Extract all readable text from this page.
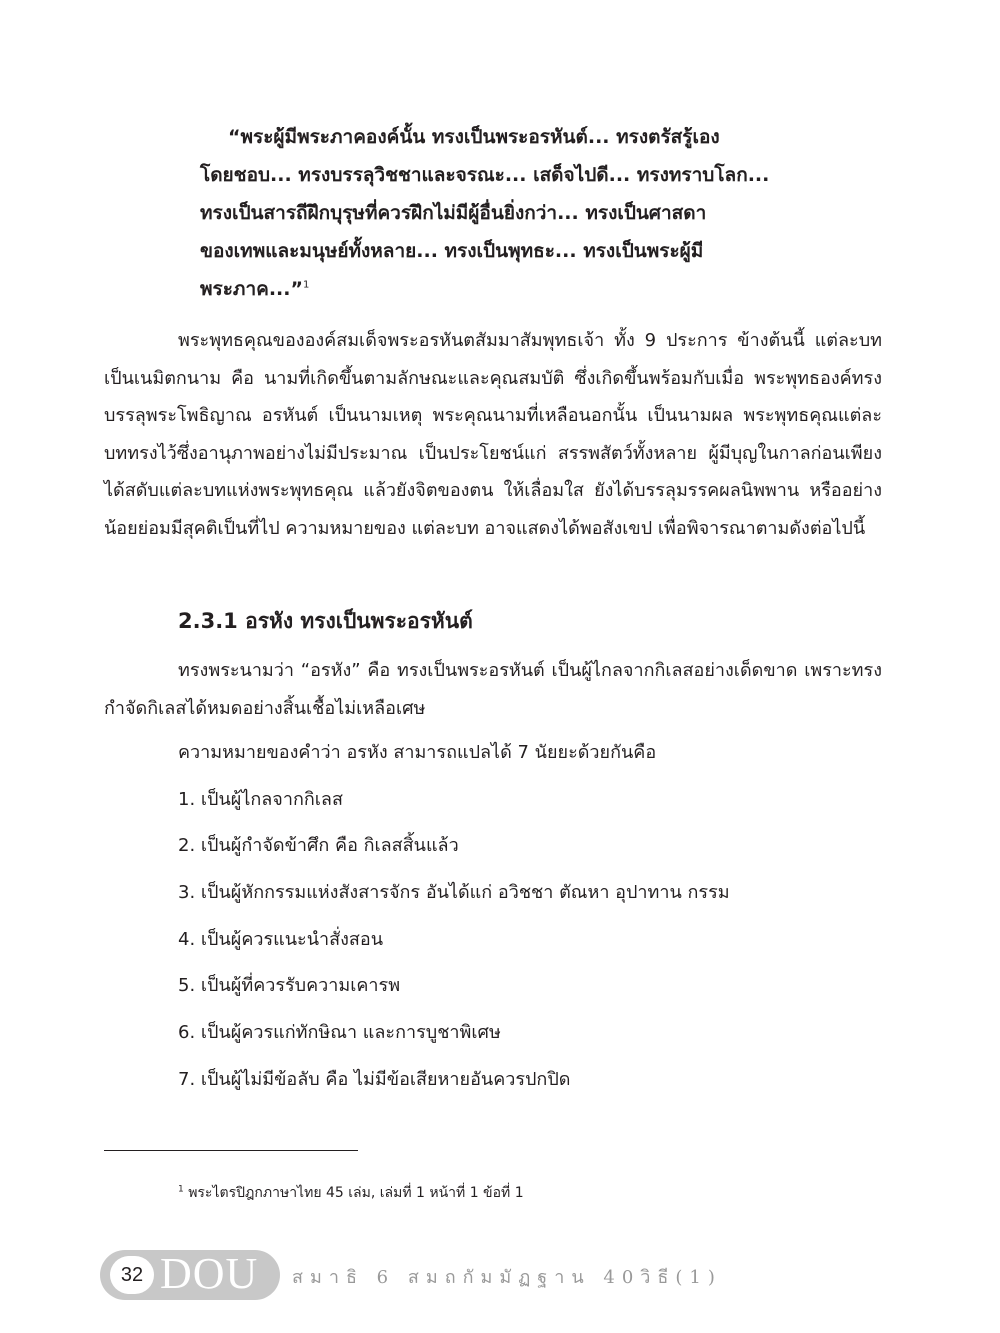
“พระผู้มีพระภาคองค์นั้น ทรงเป็นพระอรหันต์... ทรงตรัสรู้เอง
โดยชอบ... ทรงบรรลุวิชชาและจรณะ... เสด็จไปดี... ทรงทราบโลก...
ทรงเป็นสารถีฝึกบุรุษที่ควรฝึกไม่มีผู้อื่นยิ่งกว่า... ทรงเป็นศาสดา
ของเทพและมนุษย์ทั้งหลาย... ทรงเป็นพุทธะ... ทรงเป็นพระผู้มี
พระภาค...”$^1$

พระพุทธคุณขององค์สมเด็จพระอรหันตสัมมาสัมพุทธเจ้า ทั้ง 9 ประการ ข้างต้นนี้ แต่ละบทเป็นเนมิตกนาม คือ นามที่เกิดขึ้นตามลักษณะและคุณสมบัติ ซึ่งเกิดขึ้นพร้อมกับเมื่อ พระพุทธองค์ทรงบรรลุพระโพธิญาณ อรหันต์ เป็นนามเหตุ พระคุณนามที่เหลือนอกนั้น เป็นนามผล พระพุทธคุณแต่ละบททรงไว้ซึ่งอานุภาพอย่างไม่มีประมาณ เป็นประโยชน์แก่ สรรพสัตว์ทั้งหลาย ผู้มีบุญในกาลก่อนเพียงได้สดับแต่ละบทแห่งพระพุทธคุณ แล้วยังจิตของตน ให้เลื่อมใส ยังได้บรรลุมรรคผลนิพพาน หรืออย่างน้อยย่อมมีสุคติเป็นที่ไป ความหมายของ แต่ละบท อาจแสดงได้พอสังเขป เพื่อพิจารณาตามดังต่อไปนี้

2.3.1 อรหัง ทรงเป็นพระอรหันต์

ทรงพระนามว่า “อรหัง” คือ ทรงเป็นพระอรหันต์ เป็นผู้ไกลจากกิเลสอย่างเด็ดขาด เพราะทรงกำจัดกิเลสได้หมดอย่างสิ้นเชื้อไม่เหลือเศษ

ความหมายของคำว่า อรหัง สามารถแปลได้ 7 นัยยะด้วยกันคือ

1. เป็นผู้ไกลจากกิเลส

2. เป็นผู้กำจัดข้าศึก คือ กิเลสสิ้นแล้ว

3. เป็นผู้หักกรรมแห่งสังสารจักร อันได้แก่ อวิชชา ตัณหา อุปาทาน กรรม

4. เป็นผู้ควรแนะนำสั่งสอน

5. เป็นผู้ที่ควรรับความเคารพ

6. เป็นผู้ควรแก่ทักษิณา และการบูชาพิเศษ

7. เป็นผู้ไม่มีข้อลับ คือ ไม่มีข้อเสียหายอันควรปกปิด

$^1$ พระไตรปิฎกภาษาไทย 45 เล่ม, เล่มที่ 1 หน้าที่ 1 ข้อที่ 1

32 DOU สมาธิ 6 สมถกัมมัฏฐาน 40วิธี(1)
